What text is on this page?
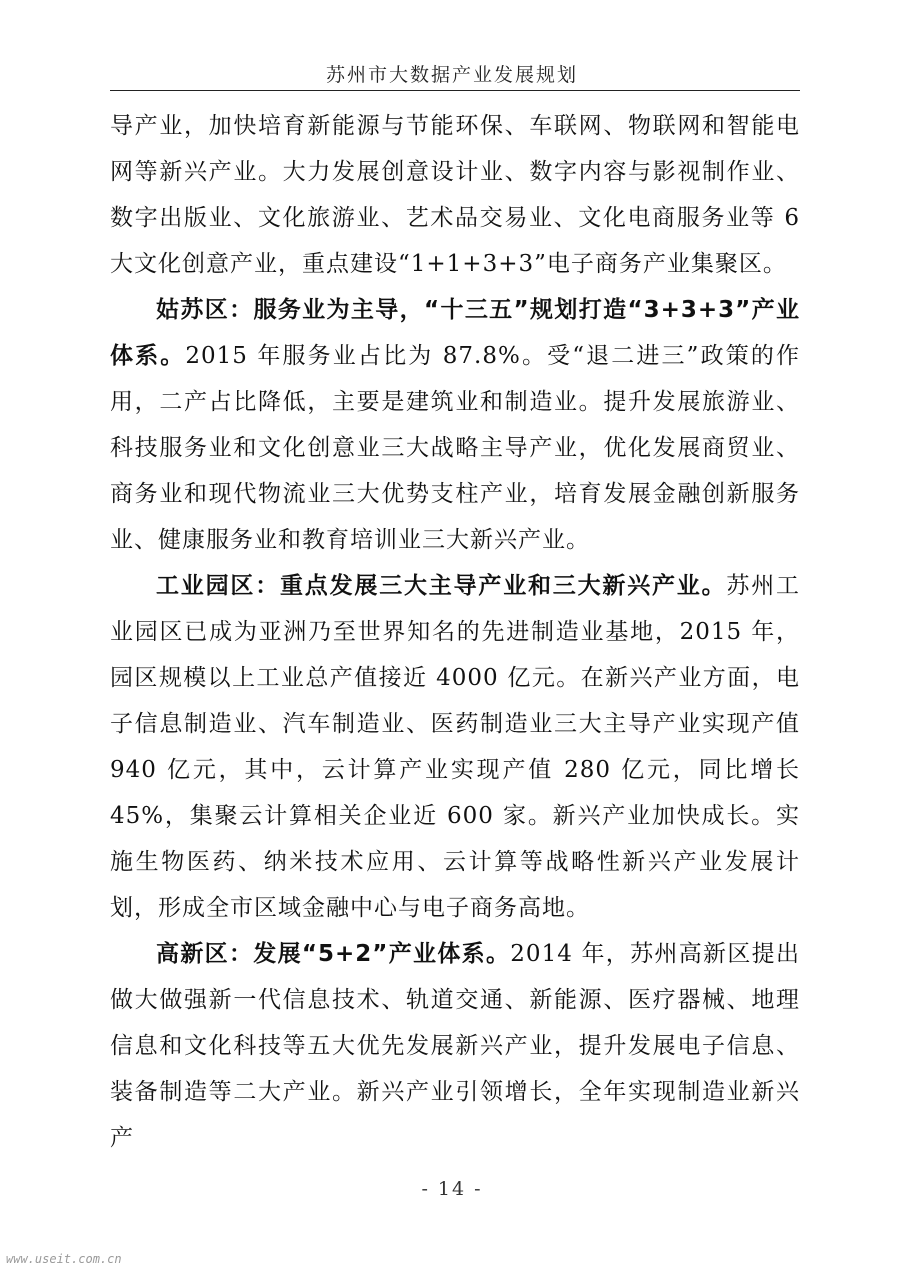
苏州市大数据产业发展规划

导产业，加快培育新能源与节能环保、车联网、物联网和智能电网等新兴产业。大力发展创意设计业、数字内容与影视制作业、数字出版业、文化旅游业、艺术品交易业、文化电商服务业等 6 大文化创意产业，重点建设“1+1+3+3”电子商务产业集聚区。

姑苏区：服务业为主导，“十三五”规划打造“3+3+3”产业体系。2015 年服务业占比为 87.8%。受“退二进三”政策的作用，二产占比降低，主要是建筑业和制造业。提升发展旅游业、科技服务业和文化创意业三大战略主导产业，优化发展商贸业、商务业和现代物流业三大优势支柱产业，培育发展金融创新服务业、健康服务业和教育培训业三大新兴产业。

工业园区：重点发展三大主导产业和三大新兴产业。苏州工业园区已成为亚洲乃至世界知名的先进制造业基地，2015 年，园区规模以上工业总产值接近 4000 亿元。在新兴产业方面，电子信息制造业、汽车制造业、医药制造业三大主导产业实现产值 940 亿元，其中，云计算产业实现产值 280 亿元，同比增长 45%，集聚云计算相关企业近 600 家。新兴产业加快成长。实施生物医药、纳米技术应用、云计算等战略性新兴产业发展计划，形成全市区域金融中心与电子商务高地。

高新区：发展“5+2”产业体系。2014 年，苏州高新区提出做大做强新一代信息技术、轨道交通、新能源、医疗器械、地理信息和文化科技等五大优先发展新兴产业，提升发展电子信息、装备制造等二大产业。新兴产业引领增长，全年实现制造业新兴产

- 14 -
www.useit.com.cn
